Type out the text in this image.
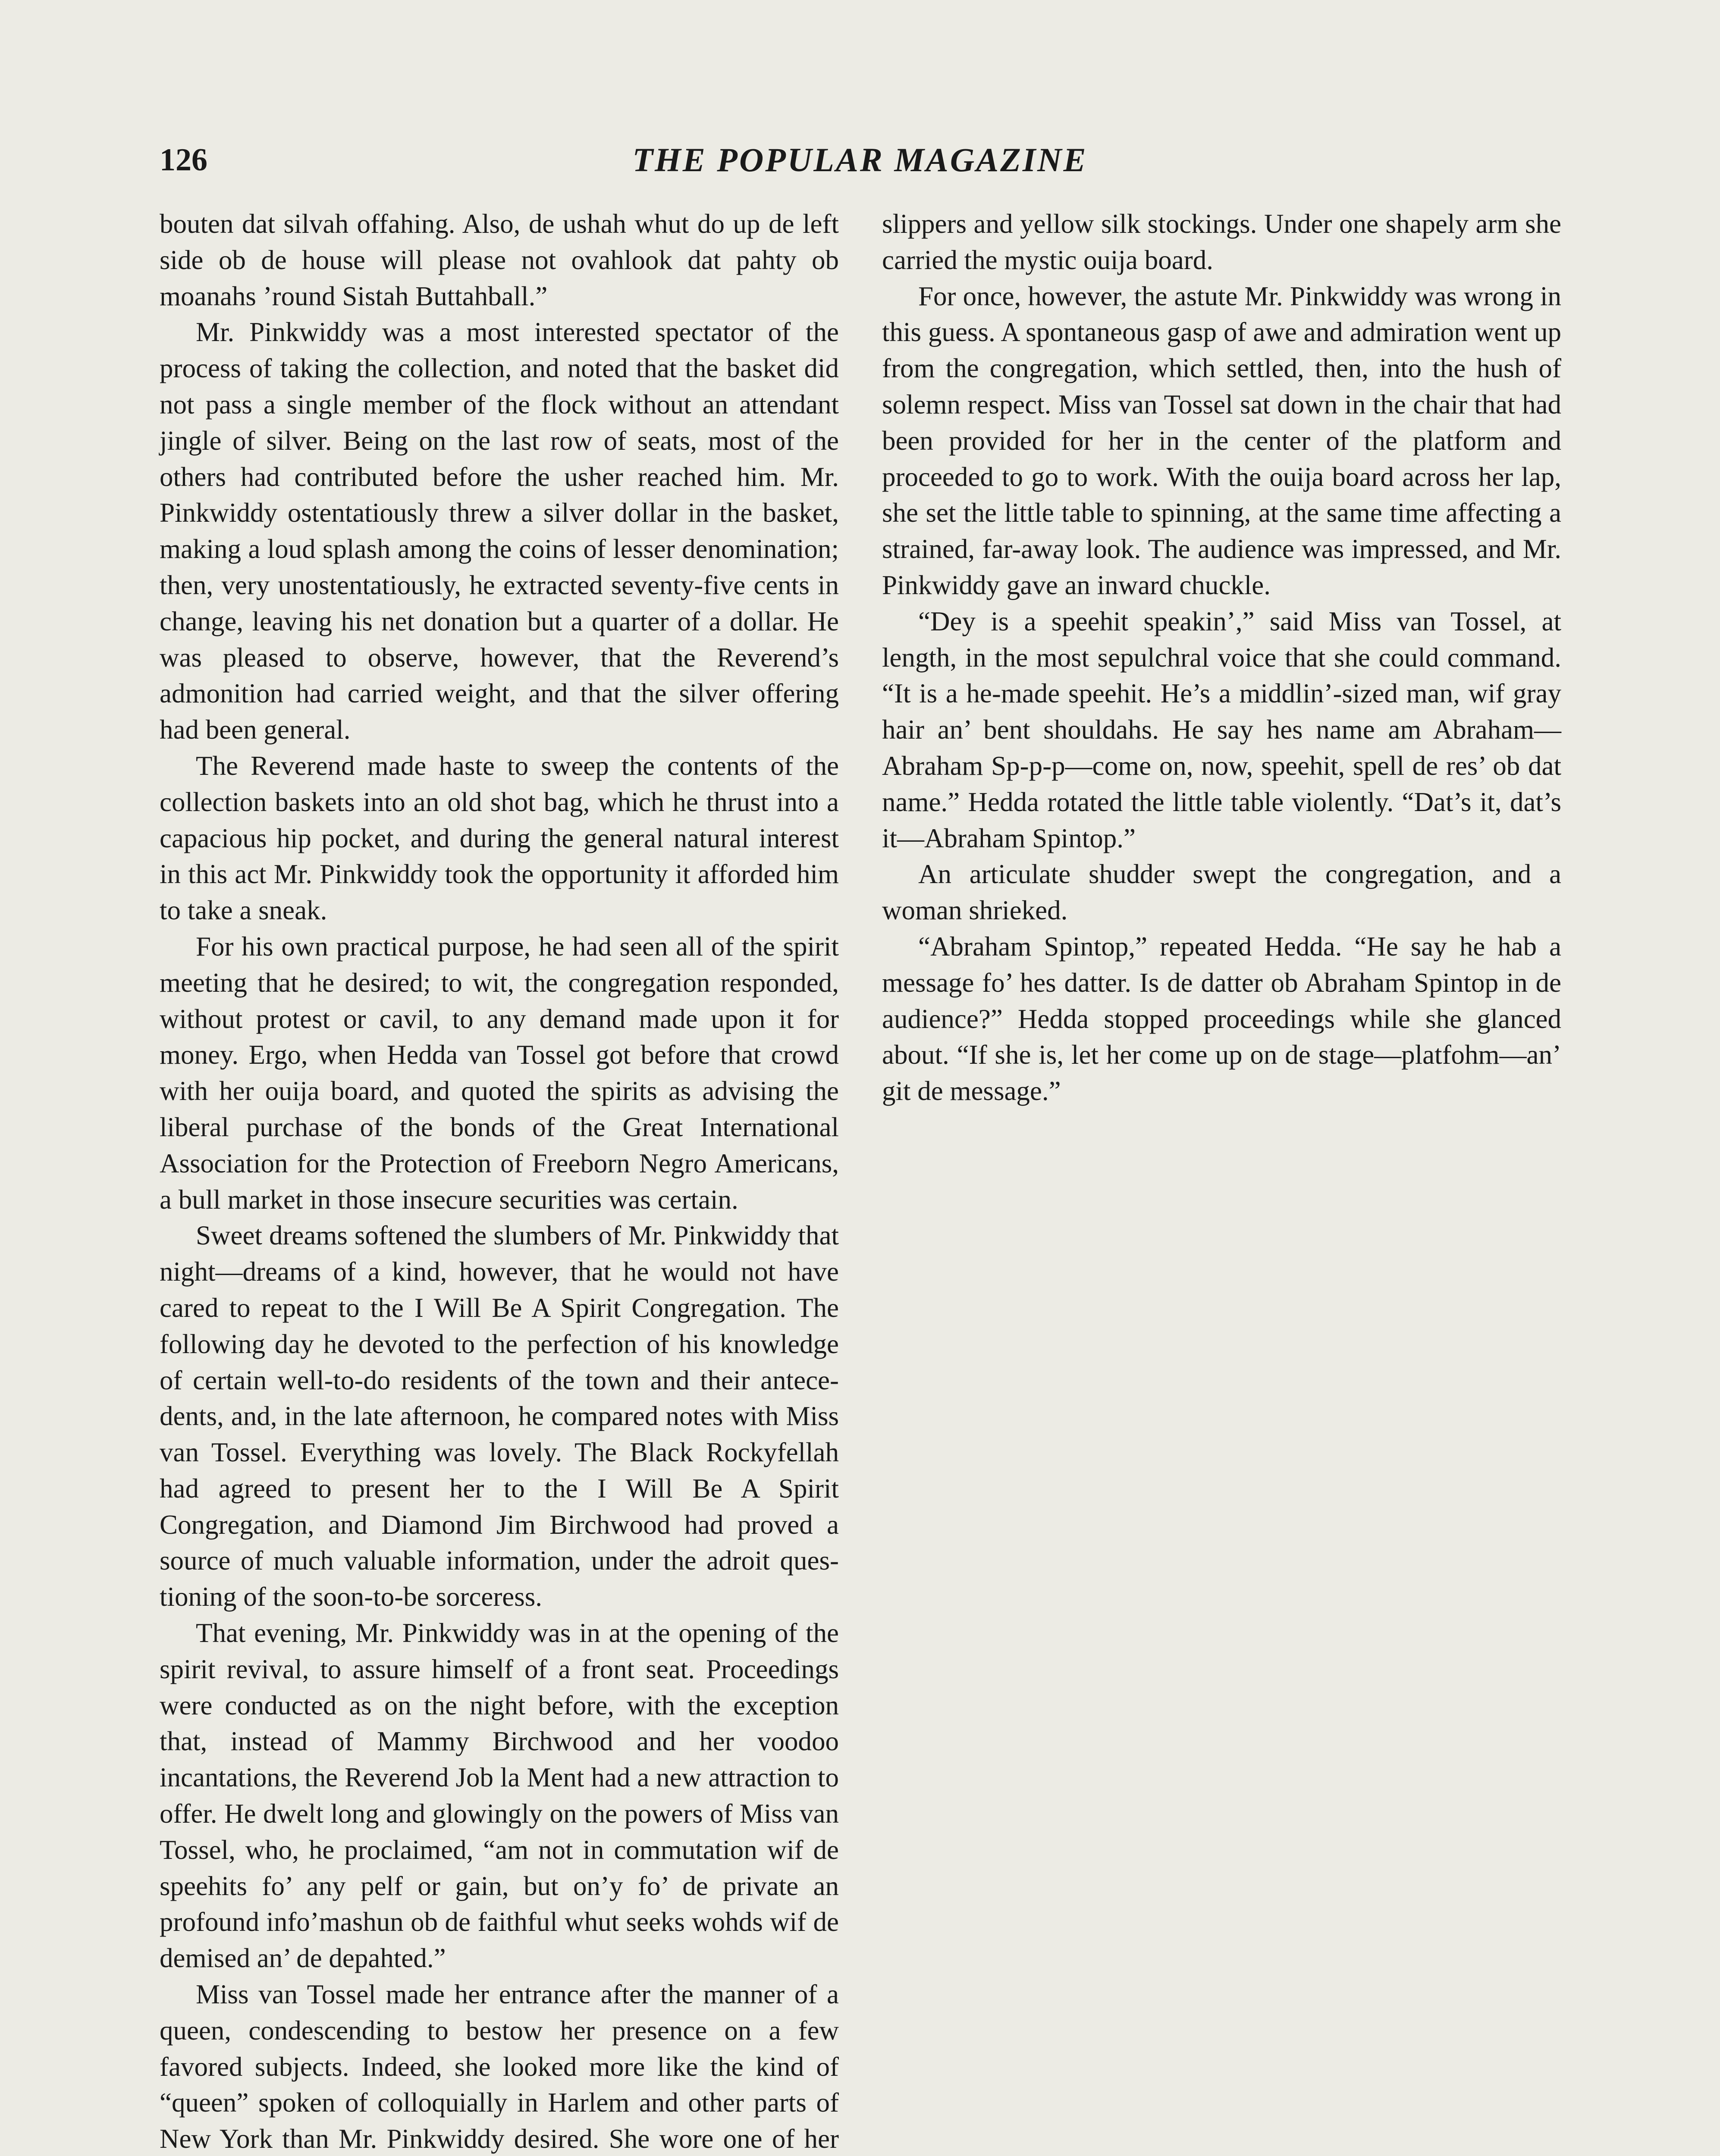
126	THE POPULAR MAGAZINE

bouten dat silvah offahing. Also, de ushah whut do up de left side ob de house will please not ovahlook dat pahty ob moanahs ’round Sistah Buttahball.”

Mr. Pinkwiddy was a most interested spectator of the process of taking the collection, and noted that the basket did not pass a single member of the flock without an attendant jingle of silver. Being on the last row of seats, most of the others had contributed before the usher reached him. Mr. Pinkwiddy ostentatiously threw a silver dollar in the basket, making a loud splash among the coins of lesser denomination; then, very unostentatiously, he extracted seventy-five cents in change, leaving his net donation but a quarter of a dollar. He was pleased to observe, however, that the Reverend’s admonition had carried weight, and that the silver offering had been general.

The Reverend made haste to sweep the contents of the collection baskets into an old shot bag, which he thrust into a capacious hip pocket, and during the general natural interest in this act Mr. Pinkwiddy took the opportunity it afforded him to take a sneak.

For his own practical purpose, he had seen all of the spirit meeting that he desired; to wit, the congregation responded, without protest or cavil, to any demand made upon it for money. Ergo, when Hedda van Tossel got before that crowd with her ouija board, and quoted the spirits as advising the liberal purchase of the bonds of the Great International Association for the Protection of Freeborn Negro Americans, a bull market in those insecure securities was certain.

Sweet dreams softened the slumbers of Mr. Pinkwiddy that night—dreams of a kind, however, that he would not have cared to repeat to the I Will Be A Spirit Congregation. The following day he devoted to the perfection of his knowledge of certain well-to-do residents of the town and their antecedents, and, in the late afternoon, he compared notes with Miss van Tossel. Everything was lovely. The Black Rockyfellah had agreed to present her to the I Will Be A Spirit Congregation, and Diamond Jim Birchwood had proved a source of much valuable information, under the adroit questioning of the soon-to-be sorceress.

That evening, Mr. Pinkwiddy was in at the opening of the spirit revival, to assure himself of a front seat. Proceedings were conducted as on the night before, with the exception that, instead of Mammy Birchwood and her voodoo incantations, the Reverend Job la Ment had a new attraction to offer. He dwelt long and glowingly on the powers of Miss van Tossel, who, he proclaimed, “am not in commutation wif de speehits fo’ any pelf or gain, but on’y fo’ de private an profound info’mashun ob de faithful whut seeks wohds wif de demised an’ de depahted.”

Miss van Tossel made her entrance after the manner of a queen, condescending to bestow her presence on a few favored subjects. Indeed, she looked more like the kind of “queen” spoken of colloquially in Harlem and other parts of New York than Mr. Pinkwiddy desired. She wore one of her slippers and yellow silk stockings. Under one shapely arm she carried the mystic ouija board.

For once, however, the astute Mr. Pinkwiddy was wrong in this guess. A spontaneous gasp of awe and admiration went up from the congregation, which settled, then, into the hush of solemn respect. Miss van Tossel sat down in the chair that had been provided for her in the center of the platform and proceeded to go to work. With the ouija board across her lap, she set the little table to spinning, at the same time affecting a strained, far-away look. The audience was impressed, and Mr. Pinkwiddy gave an inward chuckle.

“Dey is a speehit speakin’,” said Miss van Tossel, at length, in the most sepulchral voice that she could command. “It is a he-made speehit. He’s a middlin’-sized man, wif gray hair an’ bent shouldahs. He say hes name am Abraham—Abraham Sp-p-p—come on, now, speehit, spell de res’ ob dat name.” Hedda rotated the little table violently. “Dat’s it, dat’s it—Abraham Spintop.”

An articulate shudder swept the congregation, and a woman shrieked.

“Abraham Spintop,” repeated Hedda. “He say he hab a message fo’ hes datter. Is de datter ob Abraham Spintop in de audience?” Hedda stopped proceedings while she glanced about. “If she is, let her come up on de stage—platfohm—an’ git de message.”
